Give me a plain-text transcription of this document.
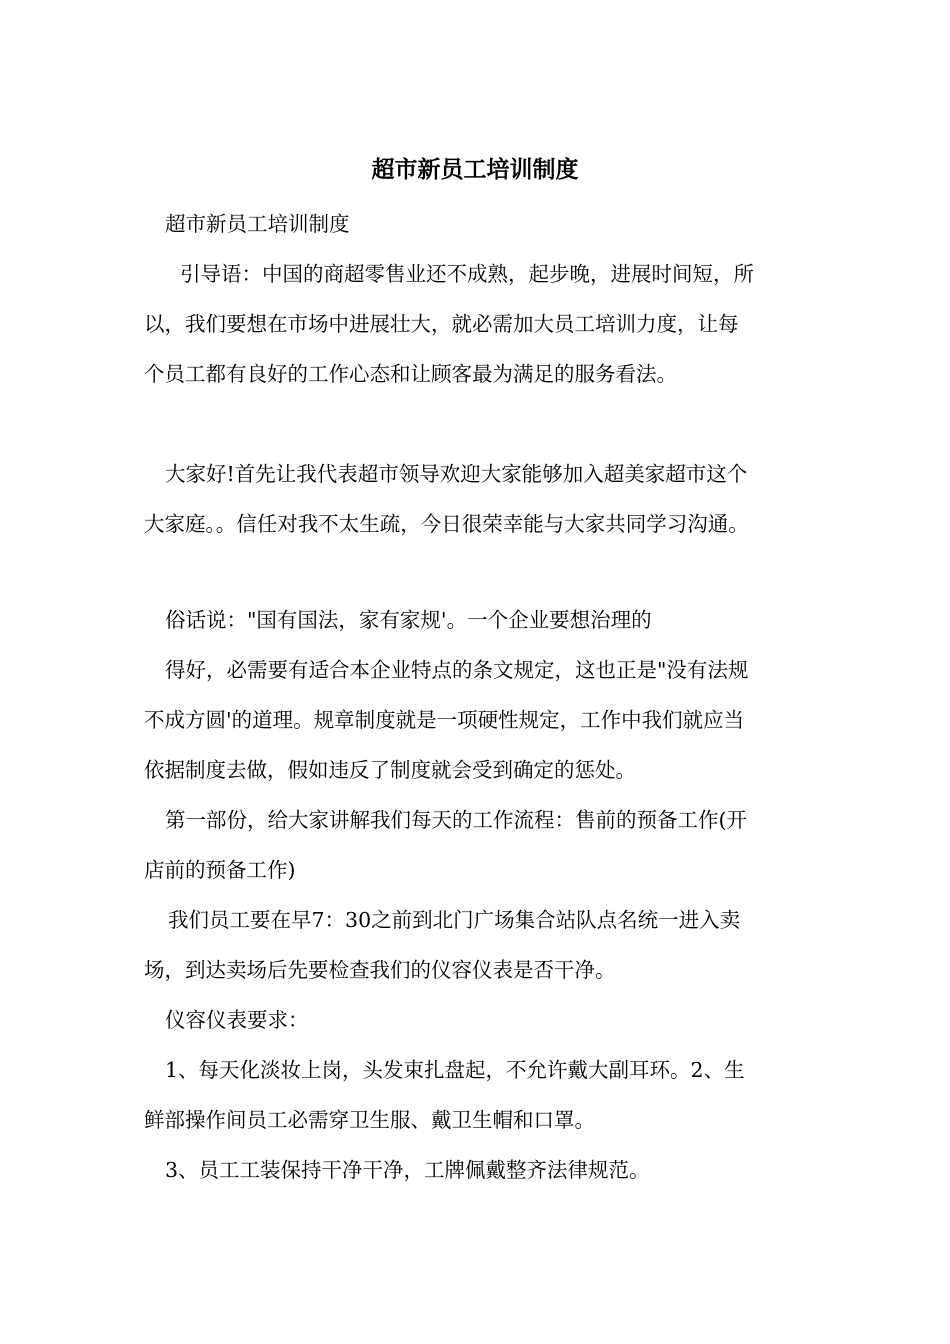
超市新员工培训制度
超市新员工培训制度
引导语：中国的商超零售业还不成熟，起步晚，进展时间短，所
以，我们要想在市场中进展壮大，就必需加大员工培训力度，让每
个员工都有良好的工作心态和让顾客最为满足的服务看法。
大家好!首先让我代表超市领导欢迎大家能够加入超美家超市这个
大家庭。。信任对我不太生疏，今日很荣幸能与大家共同学习沟通。
俗话说："国有国法，家有家规'。一个企业要想治理的
得好，必需要有适合本企业特点的条文规定，这也正是"没有法规
不成方圆'的道理。规章制度就是一项硬性规定，工作中我们就应当
依据制度去做，假如违反了制度就会受到确定的惩处。
第一部份，给大家讲解我们每天的工作流程：售前的预备工作(开
店前的预备工作)
我们员工要在早7：30之前到北门广场集合站队点名统一进入卖
场，到达卖场后先要检查我们的仪容仪表是否干净。
仪容仪表要求：
1、每天化淡妆上岗，头发束扎盘起，不允许戴大副耳环。2、生
鲜部操作间员工必需穿卫生服、戴卫生帽和口罩。
3、员工工装保持干净干净，工牌佩戴整齐法律规范。
